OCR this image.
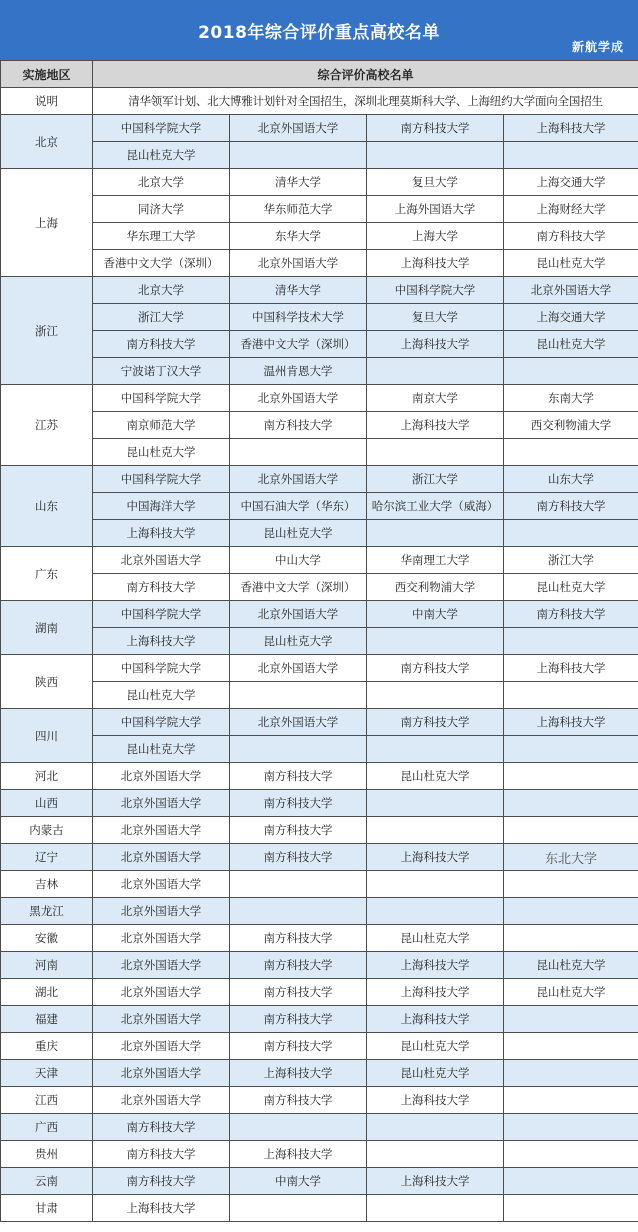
2018年综合评价重点高校名单
新航学成
实施地区	综合评价高校名单			
说明	清华领军计划、北大博雅计划针对全国招生，深圳北理莫斯科大学、上海纽约大学面向全国招生			
北京	中国科学院大学	北京外国语大学	南方科技大学	上海科技大学
	昆山杜克大学			
上海	北京大学	清华大学	复旦大学	上海交通大学
	同济大学	华东师范大学	上海外国语大学	上海财经大学
	华东理工大学	东华大学	上海大学	南方科技大学
	香港中文大学（深圳）	北京外国语大学	上海科技大学	昆山杜克大学
浙江	北京大学	清华大学	中国科学院大学	北京外国语大学
	浙江大学	中国科学技术大学	复旦大学	上海交通大学
	南方科技大学	香港中文大学（深圳）	上海科技大学	昆山杜克大学
	宁波诺丁汉大学	温州肯恩大学		
江苏	中国科学院大学	北京外国语大学	南京大学	东南大学
	南京师范大学	南方科技大学	上海科技大学	西交利物浦大学
	昆山杜克大学			
山东	中国科学院大学	北京外国语大学	浙江大学	山东大学
	中国海洋大学	中国石油大学（华东）	哈尔滨工业大学（威海）	南方科技大学
	上海科技大学	昆山杜克大学		
广东	北京外国语大学	中山大学	华南理工大学	浙江大学
	南方科技大学	香港中文大学（深圳）	西交利物浦大学	昆山杜克大学
湖南	中国科学院大学	北京外国语大学	中南大学	南方科技大学
	上海科技大学	昆山杜克大学		
陕西	中国科学院大学	北京外国语大学	南方科技大学	上海科技大学
	昆山杜克大学			
四川	中国科学院大学	北京外国语大学	南方科技大学	上海科技大学
	昆山杜克大学			
河北	北京外国语大学	南方科技大学	昆山杜克大学	
山西	北京外国语大学	南方科技大学		
内蒙古	北京外国语大学	南方科技大学		
辽宁	北京外国语大学	南方科技大学	上海科技大学	东北大学
吉林	北京外国语大学			
黑龙江	北京外国语大学			
安徽	北京外国语大学	南方科技大学	昆山杜克大学	
河南	北京外国语大学	南方科技大学	上海科技大学	昆山杜克大学
湖北	北京外国语大学	南方科技大学	上海科技大学	昆山杜克大学
福建	北京外国语大学	南方科技大学	上海科技大学	
重庆	北京外国语大学	南方科技大学	昆山杜克大学	
天津	北京外国语大学	上海科技大学	昆山杜克大学	
江西	北京外国语大学	南方科技大学	上海科技大学	
广西	南方科技大学			
贵州	南方科技大学	上海科技大学		
云南	南方科技大学	中南大学	上海科技大学	
甘肃	上海科技大学			
